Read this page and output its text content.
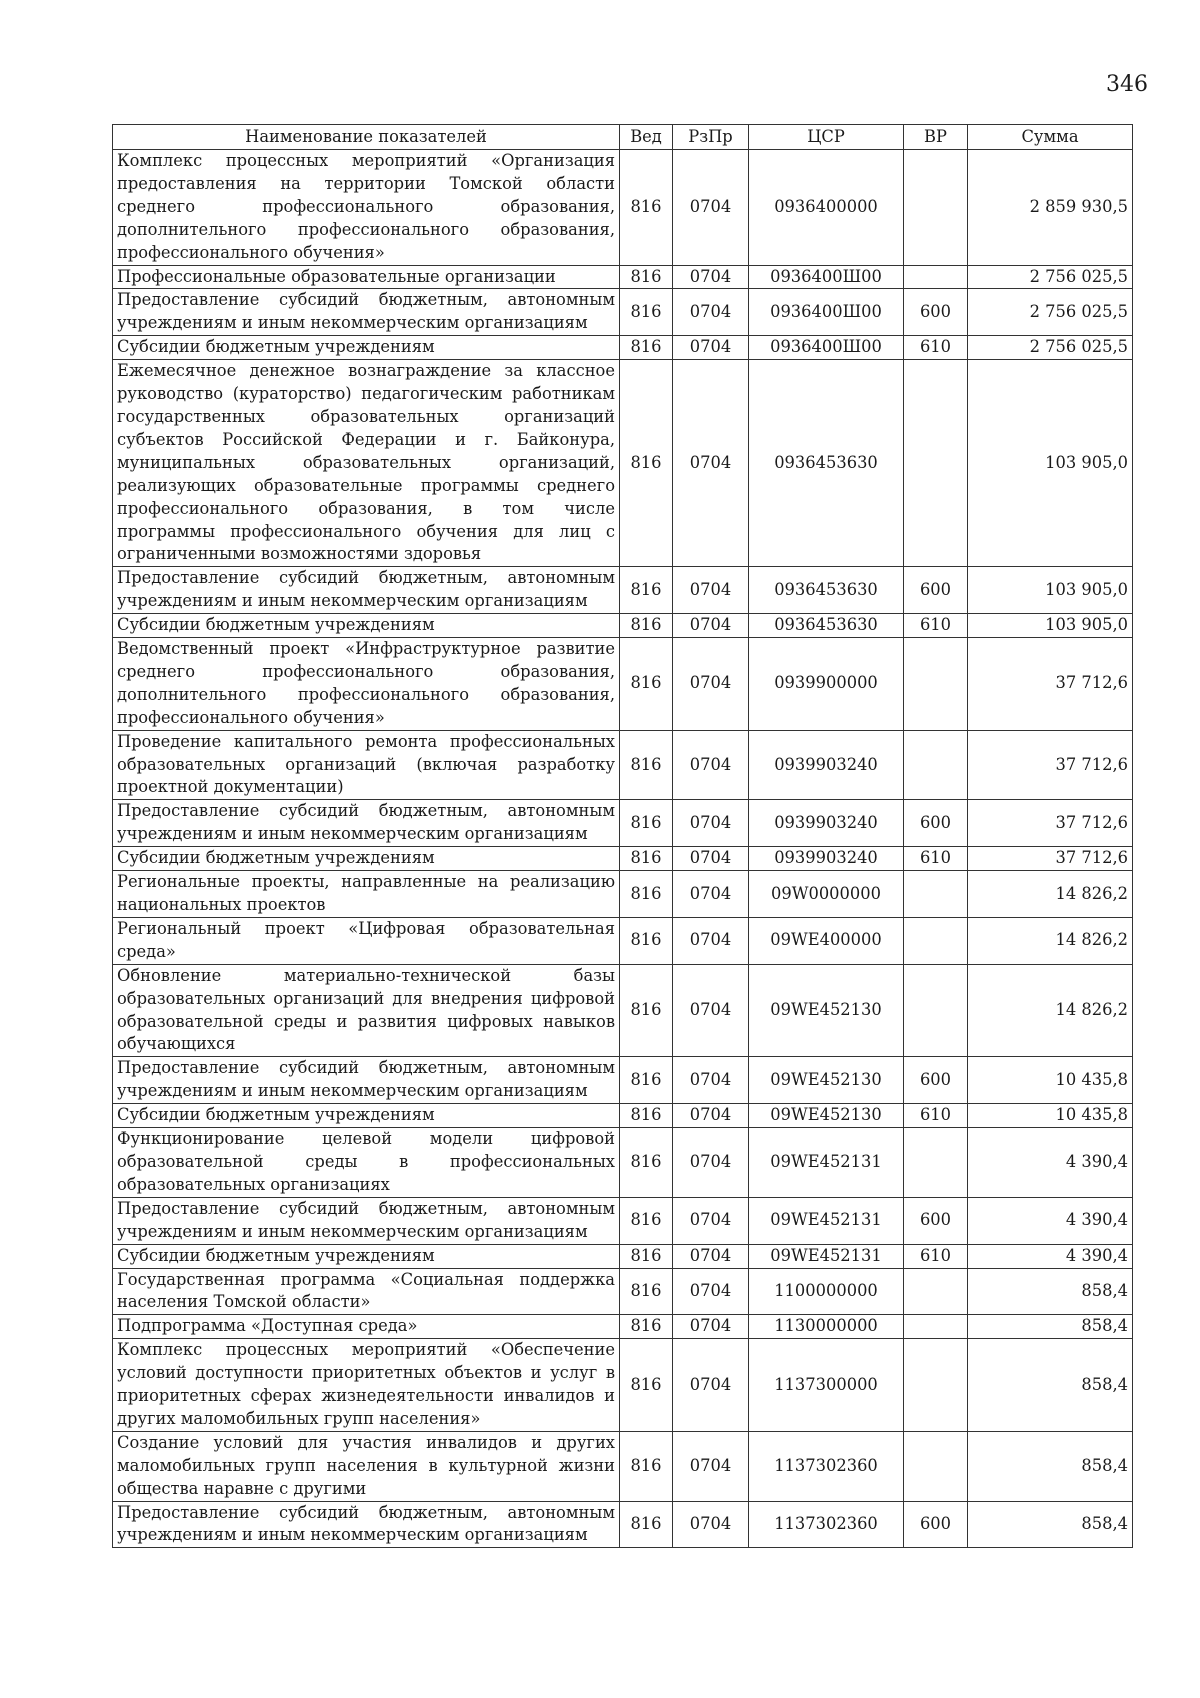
346
Наименование показателей	Вед	РзПр	ЦСР	ВР	Сумма
Комплекс процессных мероприятий «Организация предоставления на территории Томской области среднего профессионального образования, дополнительного профессионального образования, профессионального обучения»	816	0704	0936400000		2 859 930,5
Профессиональные образовательные организации	816	0704	0936400Ш00		2 756 025,5
Предоставление субсидий бюджетным, автономным учреждениям и иным некоммерческим организациям	816	0704	0936400Ш00	600	2 756 025,5
Субсидии бюджетным учреждениям	816	0704	0936400Ш00	610	2 756 025,5
Ежемесячное денежное вознаграждение за классное руководство (кураторство) педагогическим работникам государственных образовательных организаций субъектов Российской Федерации и г. Байконура, муниципальных образовательных организаций, реализующих образовательные программы среднего профессионального образования, в том числе программы профессионального обучения для лиц с ограниченными возможностями здоровья	816	0704	0936453630		103 905,0
Предоставление субсидий бюджетным, автономным учреждениям и иным некоммерческим организациям	816	0704	0936453630	600	103 905,0
Субсидии бюджетным учреждениям	816	0704	0936453630	610	103 905,0
Ведомственный проект «Инфраструктурное развитие среднего профессионального образования, дополнительного профессионального образования, профессионального обучения»	816	0704	0939900000		37 712,6
Проведение капитального ремонта профессиональных образовательных организаций (включая разработку проектной документации)	816	0704	0939903240		37 712,6
Предоставление субсидий бюджетным, автономным учреждениям и иным некоммерческим организациям	816	0704	0939903240	600	37 712,6
Субсидии бюджетным учреждениям	816	0704	0939903240	610	37 712,6
Региональные проекты, направленные на реализацию национальных проектов	816	0704	09W0000000		14 826,2
Региональный проект «Цифровая образовательная среда»	816	0704	09WE400000		14 826,2
Обновление материально-технической базы образовательных организаций для внедрения цифровой образовательной среды и развития цифровых навыков обучающихся	816	0704	09WE452130		14 826,2
Предоставление субсидий бюджетным, автономным учреждениям и иным некоммерческим организациям	816	0704	09WE452130	600	10 435,8
Субсидии бюджетным учреждениям	816	0704	09WE452130	610	10 435,8
Функционирование целевой модели цифровой образовательной среды в профессиональных образовательных организациях	816	0704	09WE452131		4 390,4
Предоставление субсидий бюджетным, автономным учреждениям и иным некоммерческим организациям	816	0704	09WE452131	600	4 390,4
Субсидии бюджетным учреждениям	816	0704	09WE452131	610	4 390,4
Государственная программа «Социальная поддержка населения Томской области»	816	0704	1100000000		858,4
Подпрограмма «Доступная среда»	816	0704	1130000000		858,4
Комплекс процессных мероприятий «Обеспечение условий доступности приоритетных объектов и услуг в приоритетных сферах жизнедеятельности инвалидов и других маломобильных групп населения»	816	0704	1137300000		858,4
Создание условий для участия инвалидов и других маломобильных групп населения в культурной жизни общества наравне с другими	816	0704	1137302360		858,4
Предоставление субсидий бюджетным, автономным учреждениям и иным некоммерческим организациям	816	0704	1137302360	600	858,4
